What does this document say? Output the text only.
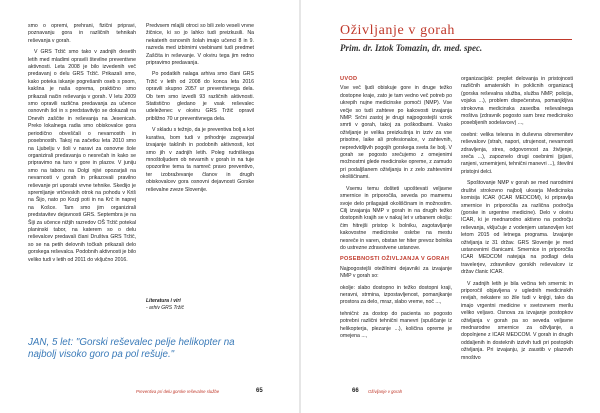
smo o opremi, prehrani, fizični pripravi, poznavanju gora in različnih tehnikah reševanja v gorah.

V GRS Tržič smo tako v zadnjih desetih letih med mladimi opravili številne preventivne aktivnosti. Leta 2008 je bilo izvedenih več predavanj o delu GRS Tržič. Prikazali smo, kako poteka iskanje pogrešanih oseb s psom, kakšna je naša oprema, praktično smo prikazali način reševanja v gorah. V letu 2009 smo opravili različna predavanja za učence osnovnih šol in s predstavitvijo se dokazali na Dnevih zaščite in reševanja na Jesenicah. Preko lokalnega radia smo obiskovalce gora periodično obveščali o nevarnostih in posebnostih. Takoj na začetku leta 2010 smo na Ljubelju v šoli v naravi za osnovne šole organizirali predavanja o nesrečah in kako se pripravimo na turo v gore in plazov. V juniju smo na taboru na Dolgi njivi opozarjali na nevarnosti v gorah in prikazovali pravilno reševanje pri uporabi vrvne tehnike. Skedijo je spremljanje vrtčevskih otrok na pohodu v Kriš na Šijo, nato po Kozji poti in na Krč in naprej na Košce. Tam smo jim organizirali predstavitev dejavnosti GRS. Septembra je na Šiji za učence nižjih razredov OŠ Tržič potekal planinski tabor, na katerem so o delu reševalcev predavali člani Društva GRS Tržič, so se na petih delovnih točkah prikazali delo gorskega reševalca. Podobnih aktivnosti je bilo veliko tudi v letih od 2011 do vključno 2016.

Predvsem mlajši otroci so bili zelo veseli vrvne žičnice, ki so jo lahko tudi preizkusili. Na nekaterih osnovnih šolah imajo učenci 8 in 9. razreda med izbirnimi vsebinami tudi predmet Zaščita in reševanje. V okviru tega jim redno pripravimo predavanja.

Po podatkih nalaga arhiva smo člani GRS Tržič v letih od 2008 do konca leta 2016 opravili skupno 2057 ur preventivnega dela. Ob tem smo izvedli 93 različnih aktivnosti. Statistično gledano je vsak reševalec udeleženec v okviru GRS Tržič opravil približno 70 ur preventivnega dela.

V skladu s težnjo, da je preventiva bolj a kot kurativa, bom tudi v prihodnje zagovarjal izvajanje takšnih in podobnih aktivnosti, kot smo jih v zadnjih letih. Poleg rudniškega mnoštoljudem ob nevarnih v gorah in na tuje opozorilne tema ta namreč pravo preventivo, ter izobraževanje članov in drugih obiskovalcev gora osnovni dejavnosti Gorske reševalne zveze Slovenije.

Literatura i viri
- arhiv GRS Tržič
JAN, 5 let: "Gorski reševalec pelje helikopter na najbolj visoko goro pa pol rešuje."
Preventiva pri delu gorske reševalne službe	65
Oživljanje v gorah
Prim. dr. Iztok Tomazin, dr. med. spec.
UVOD

Vse več ljudi obiskuje gore in druge težko dostopne kraje, zato je tam vedno več potreb po ukrepih nujne medicinske pomoči (NMP). Vse večje so tudi zahteve po kakovosti izvajanja NMP. Srčni zastoj je drugi najpogostejši vzrok smrti v gorah, takoj za poškodbami. Vsako oživljanje je velika preizkušnja in izziv za vse prisotne, laike ali profesionalce, v zahtevnih, nepredvidljivih pogojih gorskega sveta še bolj. V gorah se pogosto srečujemo z omejenimi možnostmi glede medicinske opreme, z zamudo pri podaljšanem oživljanju in z zelo zahtevnimi okoliščinami.

Vsemu temu došteti upoštevati veljavne smernice in priporočila, seveda po mamemu svoje delo prilagajati okoliščinam in možnostim. Cilj izvajanja NMP v gorah in na drugih težko dostopnih krajih se v nakaj let v urbanem okolju: čim hitrejši pristop k bolniku, zagotavljanje kakovostne medicinske oskrbe na mestu nesreče in varen, obstan ter hiter prevoz bolnika do ustrezne zdravstvene ustanove.

POSEBNOSTI OŽIVLJANJA V GORAH

Najpogostejši otežilnimi dejavniki za izvajanje NMP v gorah so:

okolje: slabo dostopno in težko dostopni kraji, neravni, strmina, izpostavljenost, pomanjkanje prostora za delo, mraz, slabo vreme, noč ...,

tehnični: za dostop do pacienta so pogosto potrebni različni tehnični manevri (spuščanje iz helikopterja, plezanje ...), količina opreme je omejena ...,

organizacijski: preplet delovanja in pristojnosti različnih amaterskih in poklicnih organizacij (gorska reševalna služba, služba NMP, policija, vojska ...), problem dispečerstva, pomanjkljiva strokovna medicinska zasedba reševalnega moštva (zdravnik pogosto sam brez medicinsko posebljenih sodelavcev) ...,

osebni: velika telesna in duševna obremenitev reševalcev (strah, napori, utrujenost, nevarnosti zdravljenja, stres, odgovornost za življenje, sreča ...), zapoznelo drugi osebnimi (pijani, ranjeni, vznemirjeni, tehnični manevri ...), številni pristojni delci.

Spoštovanje NMP v gorah se med narodnimi društvi strokovno najbolj ukvarja Medicinska komisija ICAR (ICAR MEDCOM), ki pripravlja smernice in priporočila za različna področja (gorske in urgentne medicine). Delo v okviru ICAR, ki je mednarodno aktivno na področju reševanja, vključuje z vodenjem ustanovljen kot letom 2015 od letnega programa. Izvajanje oživljanja iz 31 držav. GRS Slovenije je med ustanovnimi članicami. Smernice in priporočila ICAR MEDCOM natejaja na podlagi dela travelerjev, zdravnikov gorskih reševalcev iz držav članic ICAR.

V zadnjih letih je bila večina teh smernic in priporočil objavljena v uglednih medicinskih revijah, nekatere so žile tudi v knjigi, tako da imajo vrgentni medicine v svetovnem merilu veliko veljavo. Osnova za izvajanje postopkov oživljanja v gorah pa so seveda veljavne mednarodne smernice za oživljanje, a dopolnjene z ICAR MEDCOM. V gorah in drugih oddaljenih in dosteknih izzivih tudi pri postopkih oživljanja. Pri izvajanju, jz zaustib v plazovih mnoštvo

66 Oživljanje v gorah
